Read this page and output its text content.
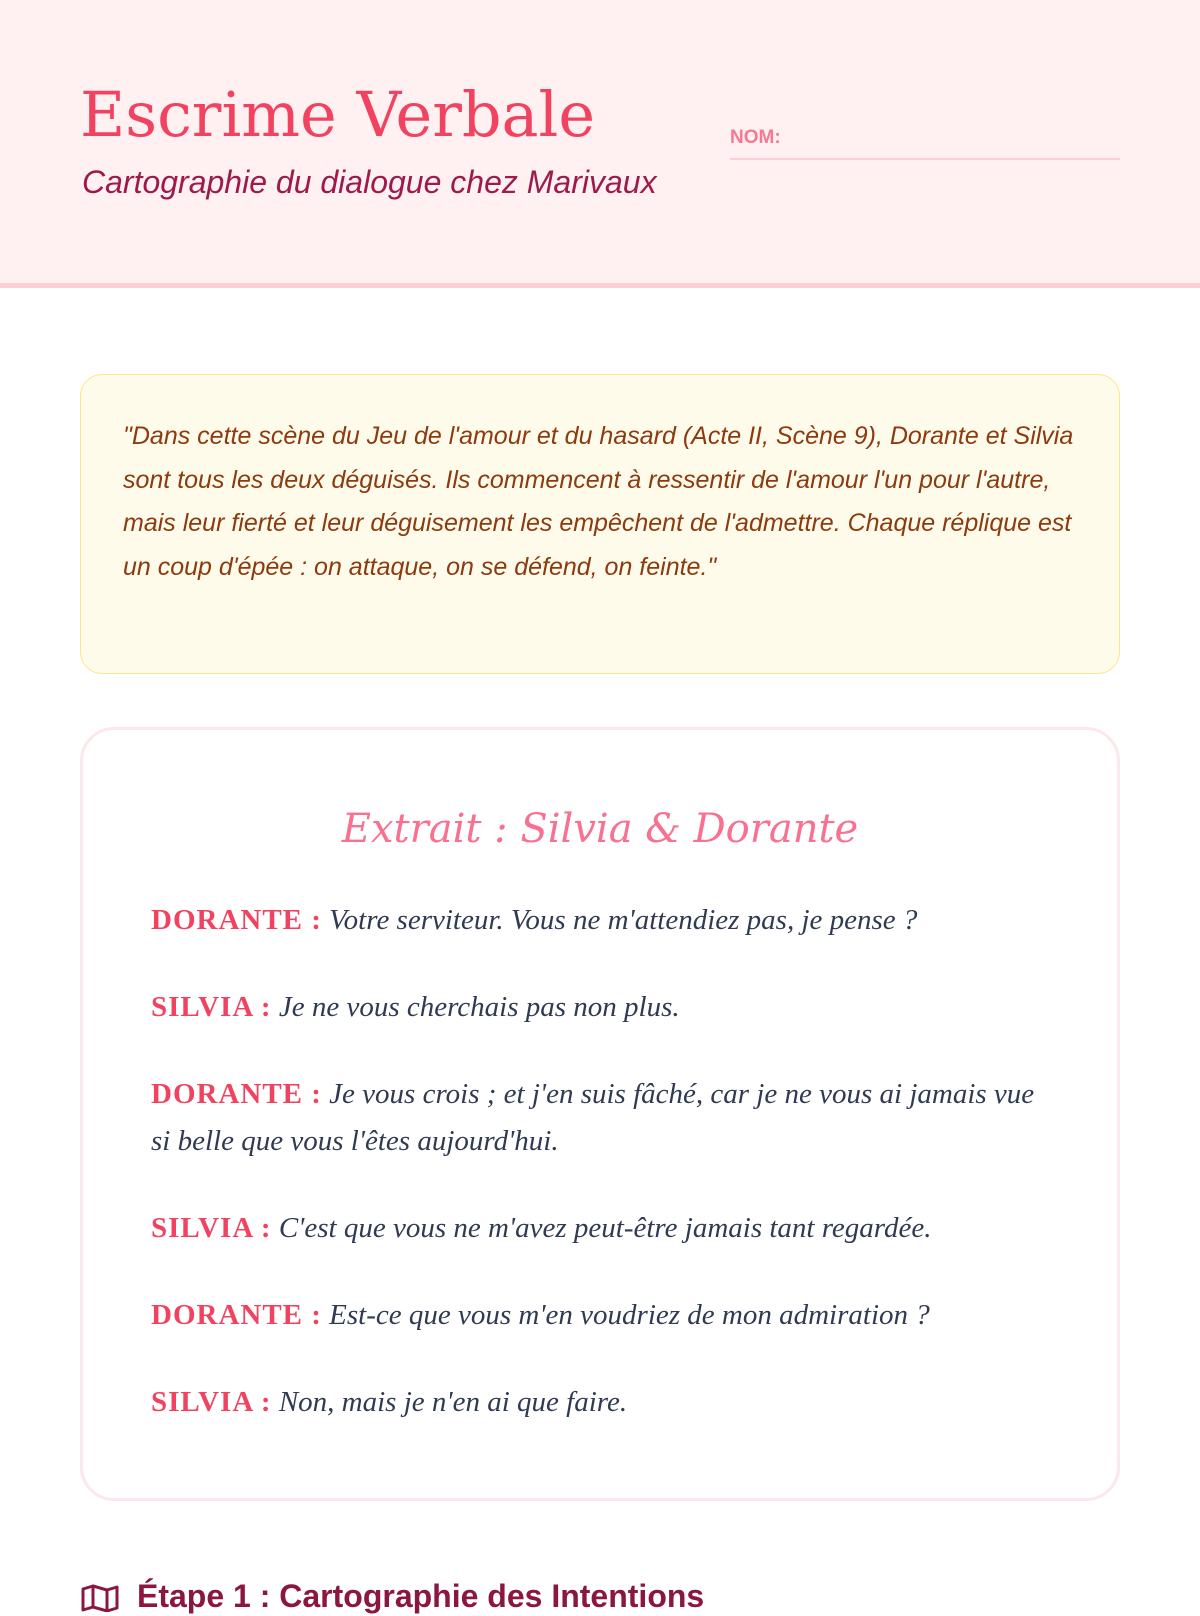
Escrime Verbale

Cartographie du dialogue chez Marivaux

NOM:

"Dans cette scène du Jeu de l'amour et du hasard (Acte II, Scène 9), Dorante et Silvia sont tous les deux déguisés. Ils commencent à ressentir de l'amour l'un pour l'autre, mais leur fierté et leur déguisement les empêchent de l'admettre. Chaque réplique est un coup d'épée : on attaque, on se défend, on feinte."

Extrait : Silvia & Dorante

DORANTE : Votre serviteur. Vous ne m'attendiez pas, je pense ?

SILVIA : Je ne vous cherchais pas non plus.

DORANTE : Je vous crois ; et j'en suis fâché, car je ne vous ai jamais vue si belle que vous l'êtes aujourd'hui.

SILVIA : C'est que vous ne m'avez peut-être jamais tant regardée.

DORANTE : Est-ce que vous m'en voudriez de mon admiration ?

SILVIA : Non, mais je n'en ai que faire.

Étape 1 : Cartographie des Intentions
